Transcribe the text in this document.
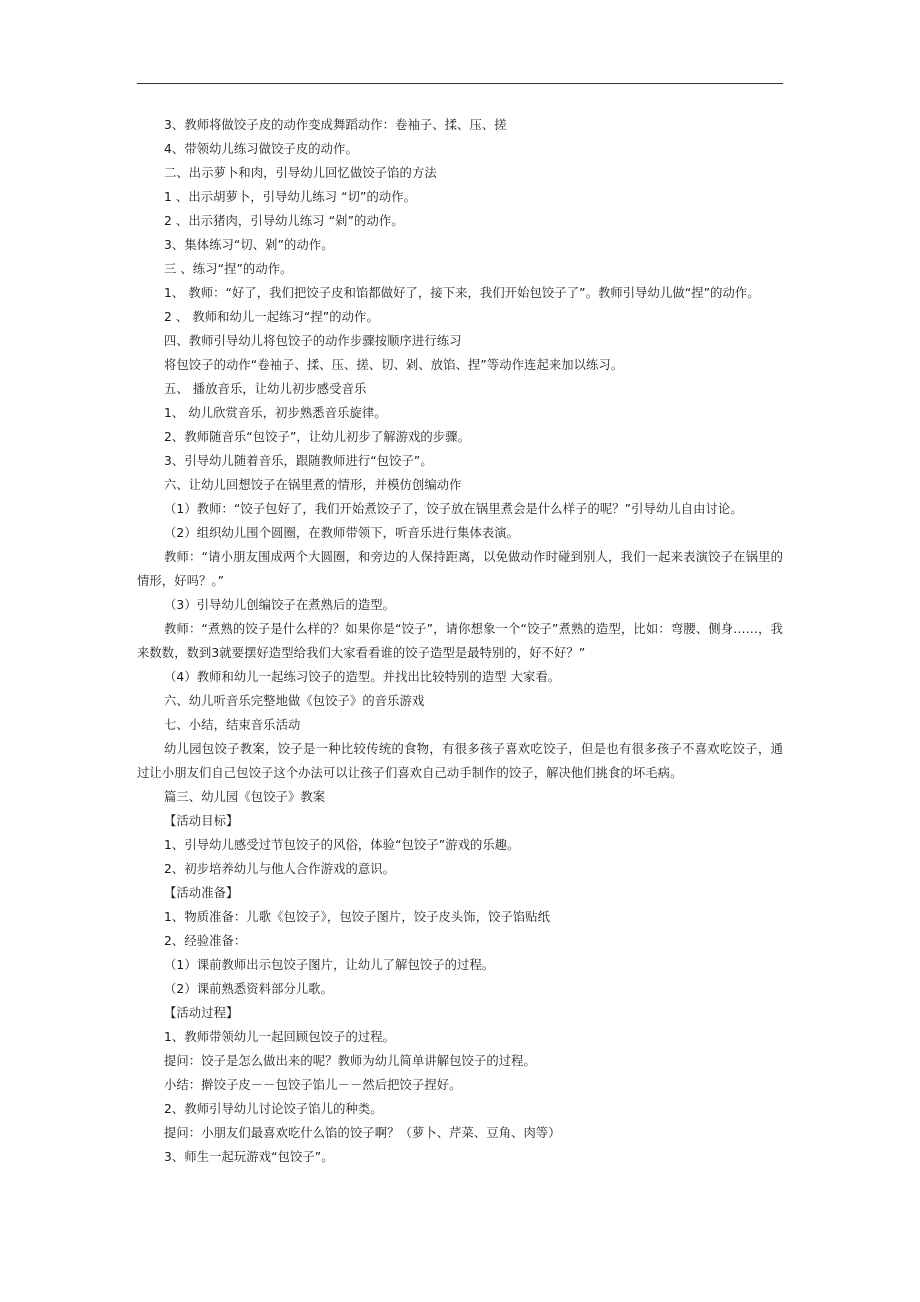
3、教师将做饺子皮的动作变成舞蹈动作：卷袖子、揉、压、搓
4、带领幼儿练习做饺子皮的动作。
二、出示萝卜和肉，引导幼儿回忆做饺子馅的方法
1 、出示胡萝卜，引导幼儿练习 “切”的动作。
2 、出示猪肉，引导幼儿练习 “剁”的动作。
3、集体练习“切、剁”的动作。
三 、练习“捏”的动作。
1、 教师：“好了，我们把饺子皮和馅都做好了，接下来，我们开始包饺子了”。教师引导幼儿做“捏”的动作。
2 、 教师和幼儿一起练习“捏”的动作。
四、教师引导幼儿将包饺子的动作步骤按顺序进行练习
将包饺子的动作“卷袖子、揉、压、搓、切、剁、放馅、捏”等动作连起来加以练习。
五、 播放音乐，让幼儿初步感受音乐
1、 幼儿欣赏音乐，初步熟悉音乐旋律。
2、教师随音乐“包饺子”，让幼儿初步了解游戏的步骤。
3、引导幼儿随着音乐，跟随教师进行“包饺子”。
六、让幼儿回想饺子在锅里煮的情形，并模仿创编动作
（1）教师：“饺子包好了，我们开始煮饺子了，饺子放在锅里煮会是什么样子的呢？”引导幼儿自由讨论。
（2）组织幼儿围个圆圈，在教师带领下，听音乐进行集体表演。
教师：“请小朋友围成两个大圆圈，和旁边的人保持距离，以免做动作时碰到别人，我们一起来表演饺子在锅里的情形，好吗？。”
（3）引导幼儿创编饺子在煮熟后的造型。
教师：“煮熟的饺子是什么样的？如果你是“饺子”，请你想象一个“饺子”煮熟的造型，比如：弯腰、侧身……，我来数数，数到3就要摆好造型给我们大家看看谁的饺子造型是最特别的，好不好？”
（4）教师和幼儿一起练习饺子的造型。并找出比较特别的造型 大家看。
六、幼儿听音乐完整地做《包饺子》的音乐游戏
七、小结，结束音乐活动
幼儿园包饺子教案，饺子是一种比较传统的食物，有很多孩子喜欢吃饺子，但是也有很多孩子不喜欢吃饺子，通过让小朋友们自己包饺子这个办法可以让孩子们喜欢自己动手制作的饺子，解决他们挑食的坏毛病。
篇三、幼儿园《包饺子》教案
【活动目标】
1、引导幼儿感受过节包饺子的风俗，体验“包饺子”游戏的乐趣。
2、初步培养幼儿与他人合作游戏的意识。
【活动准备】
1、物质准备：儿歌《包饺子》，包饺子图片，饺子皮头饰，饺子馅贴纸
2、经验准备：
（1）课前教师出示包饺子图片，让幼儿了解包饺子的过程。
（2）课前熟悉资料部分儿歌。
【活动过程】
1、教师带领幼儿一起回顾包饺子的过程。
提问：饺子是怎么做出来的呢？教师为幼儿简单讲解包饺子的过程。
小结：擀饺子皮－－包饺子馅儿－－然后把饺子捏好。
2、教师引导幼儿讨论饺子馅儿的种类。
提问：小朋友们最喜欢吃什么馅的饺子啊？（萝卜、芹菜、豆角、肉等）
3、师生一起玩游戏“包饺子”。
